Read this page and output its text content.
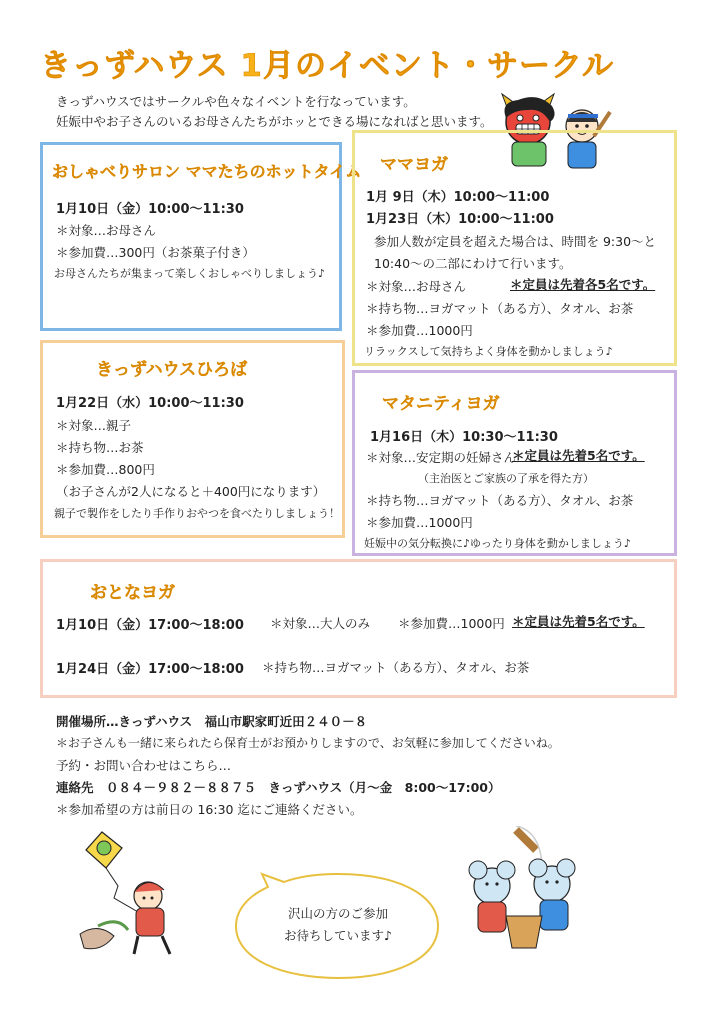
きっずハウス 1月のイベント・サークル
きっずハウスではサークルや色々なイベントを行なっています。
妊娠中やお子さんのいるお母さんたちがホッとできる場になればと思います。
おしゃべりサロン ママたちのホットタイム
1月10日（金）10:00～11:30
＊対象…お母さん
＊参加費…300円（お茶菓子付き）
お母さんたちが集まって楽しくおしゃべりしましょう♪
ママヨガ
1月 9日（木）10:00～11:00
1月23日（木）10:00～11:00
参加人数が定員を超えた場合は、時間を 9:30～と
10:40～の二部にわけて行います。
＊対象…お母さん	＊定員は先着各5名です。
＊持ち物…ヨガマット（ある方）、タオル、お茶
＊参加費…1000円
リラックスして気持ちよく身体を動かしましょう♪
きっずハウスひろば
1月22日（水）10:00～11:30
＊対象…親子
＊持ち物…お茶
＊参加費…800円
（お子さんが2人になると＋400円になります）
親子で製作をしたり手作りおやつを食べたりしましょう！
マタニティヨガ
1月16日（木）10:30～11:30
＊対象…安定期の妊婦さん
＊定員は先着5名です。
（主治医とご家族の了承を得た方）
＊持ち物…ヨガマット（ある方）、タオル、お茶
＊参加費…1000円
妊娠中の気分転換に♪ゆったり身体を動かしましょう♪
おとなヨガ
1月10日（金）17:00～18:00 ＊対象…大人のみ ＊参加費…1000円 ＊定員は先着5名です。
1月24日（金）17:00～18:00 ＊持ち物…ヨガマット（ある方）、タオル、お茶
開催場所…きっずハウス　福山市駅家町近田２４０－８
＊お子さんも一緒に来られたら保育士がお預かりしますので、お気軽に参加してくださいね。
予約・お問い合わせはこちら…
連絡先　０８４－９８２－８８７５　きっずハウス（月～金　8:00～17:00）
＊参加希望の方は前日の 16:30 迄にご連絡ください。
沢山の方のご参加
お待ちしています♪
